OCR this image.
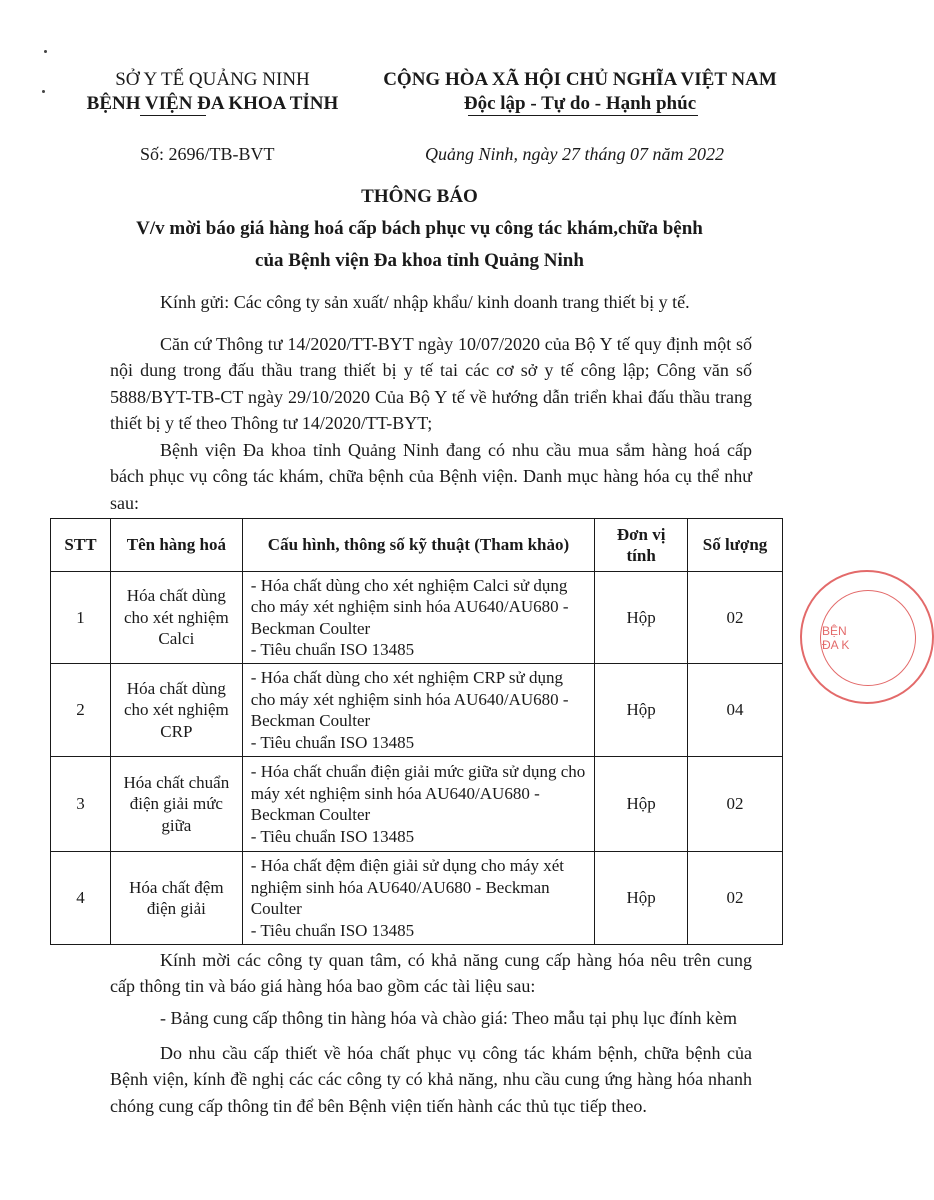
SỞ Y TẾ QUẢNG NINH
BỆNH VIỆN ĐA KHOA TỈNH
CỘNG HÒA XÃ HỘI CHỦ NGHĨA VIỆT NAM
Độc lập - Tự do - Hạnh phúc
Số: 2696/TB-BVT	Quảng Ninh, ngày 27 tháng 07 năm 2022
THÔNG BÁO
V/v mời báo giá hàng hoá cấp bách phục vụ công tác khám,chữa bệnh
của Bệnh viện Đa khoa tỉnh Quảng Ninh
Kính gửi: Các công ty sản xuất/ nhập khẩu/ kinh doanh trang thiết bị y tế.
Căn cứ Thông tư 14/2020/TT-BYT ngày 10/07/2020 của Bộ Y tế quy định một số nội dung trong đấu thầu trang thiết bị y tế tai các cơ sở y tế công lập; Công văn số 5888/BYT-TB-CT ngày 29/10/2020 Của Bộ Y tế về hướng dẫn triển khai đấu thầu trang thiết bị y tế theo Thông tư 14/2020/TT-BYT;
Bệnh viện Đa khoa tỉnh Quảng Ninh đang có nhu cầu mua sắm hàng hoá cấp bách phục vụ công tác khám, chữa bệnh của Bệnh viện. Danh mục hàng hóa cụ thể như sau:
STT	Tên hàng hoá	Cấu hình, thông số kỹ thuật (Tham khảo)	Đơn vị
tính	Số lượng
1	Hóa chất dùng cho xét nghiệm Calci	- Hóa chất dùng cho xét nghiệm Calci sử dụng cho máy xét nghiệm sinh hóa AU640/AU680 - Beckman Coulter
- Tiêu chuẩn ISO 13485	Hộp	02
2	Hóa chất dùng cho xét nghiệm CRP	- Hóa chất dùng cho xét nghiệm CRP sử dụng cho máy xét nghiệm sinh hóa AU640/AU680 - Beckman Coulter
- Tiêu chuẩn ISO 13485	Hộp	04
3	Hóa chất chuẩn điện giải mức giữa	- Hóa chất chuẩn điện giải mức giữa sử dụng cho máy xét nghiệm sinh hóa AU640/AU680 - Beckman Coulter
- Tiêu chuẩn ISO 13485	Hộp	02
4	Hóa chất đệm điện giải	- Hóa chất đệm điện giải sử dụng cho máy xét nghiệm sinh hóa AU640/AU680 - Beckman Coulter
- Tiêu chuẩn ISO 13485	Hộp	02
Kính mời các công ty quan tâm, có khả năng cung cấp hàng hóa nêu trên cung cấp thông tin và báo giá hàng hóa bao gồm các tài liệu sau:
- Bảng cung cấp thông tin hàng hóa và chào giá: Theo mẫu tại phụ lục đính kèm
Do nhu cầu cấp thiết về hóa chất phục vụ công tác khám bệnh, chữa bệnh của Bệnh viện, kính đề nghị các các công ty có khả năng, nhu cầu cung ứng hàng hóa nhanh chóng cung cấp thông tin để bên Bệnh viện tiến hành các thủ tục tiếp theo.
BỆN
ĐA K
